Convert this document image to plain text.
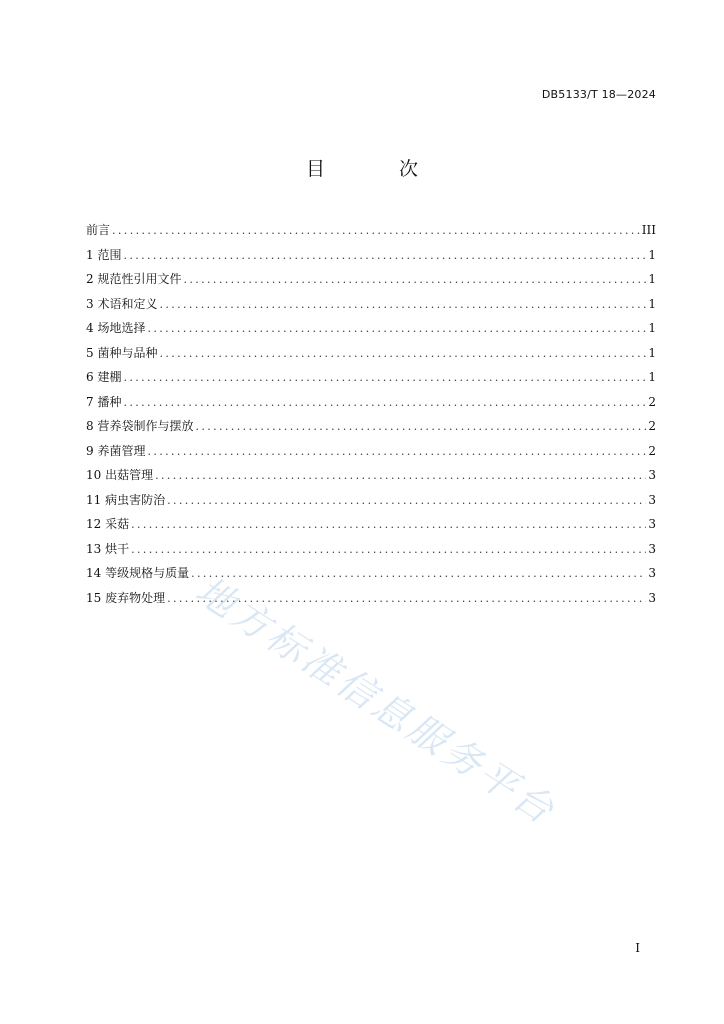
DB5133/T 18—2024
目 次
前言 .....	III
1 范围 .....	1
2 规范性引用文件 .....	1
3 术语和定义 .....	1
4 场地选择 .....	1
5 菌种与品种 .....	1
6 建棚 .....	1
7 播种 .....	2
8 营养袋制作与摆放 .....	2
9 养菌管理 .....	2
10 出菇管理 .....	3
11 病虫害防治 .....	3
12 采菇 .....	3
13 烘干 .....	3
14 等级规格与质量 .....	3
15 废弃物处理 .....	3
地方标准信息服务平台
I
